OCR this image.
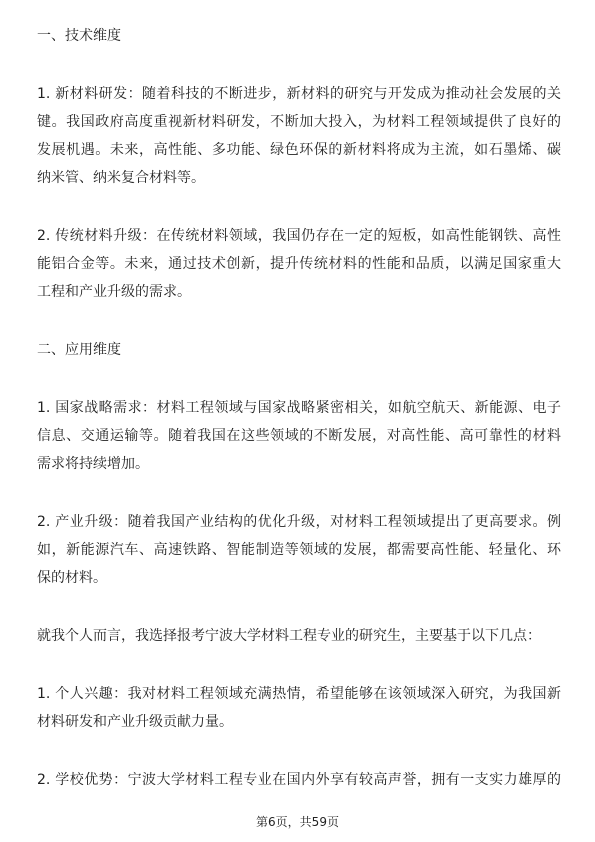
一、技术维度
1. 新材料研发：随着科技的不断进步，新材料的研究与开发成为推动社会发展的关
键。我国政府高度重视新材料研发，不断加大投入，为材料工程领域提供了良好的
发展机遇。未来，高性能、多功能、绿色环保的新材料将成为主流，如石墨烯、碳
纳米管、纳米复合材料等。
2. 传统材料升级：在传统材料领域，我国仍存在一定的短板，如高性能钢铁、高性
能铝合金等。未来，通过技术创新，提升传统材料的性能和品质，以满足国家重大
工程和产业升级的需求。
二、应用维度
1. 国家战略需求：材料工程领域与国家战略紧密相关，如航空航天、新能源、电子
信息、交通运输等。随着我国在这些领域的不断发展，对高性能、高可靠性的材料
需求将持续增加。
2. 产业升级：随着我国产业结构的优化升级，对材料工程领域提出了更高要求。例
如，新能源汽车、高速铁路、智能制造等领域的发展，都需要高性能、轻量化、环
保的材料。
就我个人而言，我选择报考宁波大学材料工程专业的研究生，主要基于以下几点：
1. 个人兴趣：我对材料工程领域充满热情，希望能够在该领域深入研究，为我国新
材料研发和产业升级贡献力量。
2. 学校优势：宁波大学材料工程专业在国内外享有较高声誉，拥有一支实力雄厚的
第6页，共59页
